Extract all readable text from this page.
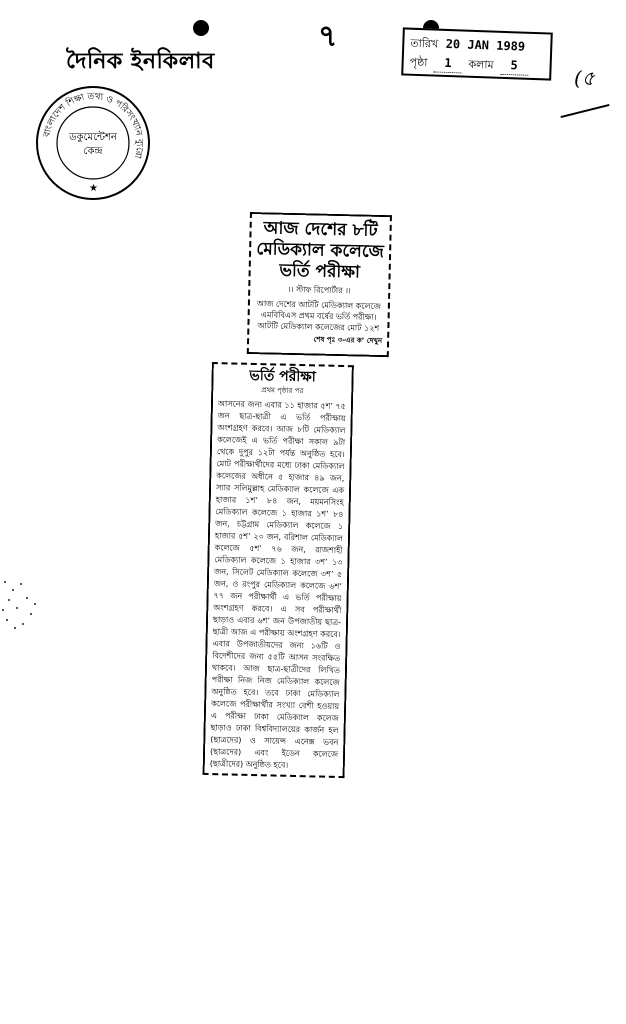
দৈনিক ইনকিলাব
৭	তারিখ 20 JAN 1989
পৃষ্ঠা 1 কলাম 5
(৫
বাংলাদেশ শিক্ষা তথ্য ও পরিসংখ্যান ব্যুরো
ডকুমেন্টেশন
কেন্দ্র
★
আজ দেশের ৮টি মেডিক্যাল কলেজে ভর্তি পরীক্ষা
।। স্টাফ রিপোর্টার ।।
আজ দেশের আটটি মেডিক্যাল কলেজে এমবিবিএস প্রথম বর্ষের ভর্তি পরীক্ষা। আটটি মেডিক্যাল কলেজের মোট ১২শ
শেষ পৃঃ ৩-এর ক’ দেখুন
ভর্তি পরীক্ষা
প্রথম পৃষ্ঠার পর

আসনের জন্য এবার ১১ হাজার ৫শ’ ৭৫ জন ছাত্র-ছাত্রী এ ভর্তি পরীক্ষায় অংশগ্রহণ করবে। আজ ৮টি মেডিক্যাল কলেজেই এ ভর্তি পরীক্ষা সকাল ৯টা থেকে দুপুর ১২টা পর্যন্ত অনুষ্ঠিত হবে। মোট পরীক্ষার্থীদের মধ্যে ঢাকা মেডিক্যাল কলেজের অধীনে ৫ হাজার ৪৯ জন, স্যার সলিমুল্লাহ মেডিক্যাল কলেজে এক হাজার ১শ’ ৮৪ জন, ময়মনসিংহ মেডিক্যাল কলেজে ১ হাজার ১শ’ ৮৪ জন, চট্টগ্রাম মেডিক্যাল কলেজে ১ হাজার ৫শ’ ২০ জন, বরিশাল মেডিক্যাল কলেজে ৫শ’ ৭৬ জন, রাজশাহী মেডিক্যাল কলেজে ১ হাজার ৩শ’ ১৩ জন, সিলেট মেডিক্যাল কলেজে ৩শ’ ৫ জন, ও রংপুর মেডিক্যাল কলেজে ৬শ’ ৭৭ জন পরীক্ষার্থী এ ভর্তি পরীক্ষায় অংশগ্রহণ করবে। এ সব পরীক্ষার্থী ছাড়াও এবার ৬শ’ জন উপজাতীয় ছাত্র-ছাত্রী আজ এ পরীক্ষায় অংশগ্রহণ করবে। এবার উপজাতীয়দের জন্য ১৬টি ও বিদেশীদের জন্য ৫৫টি আসন সংরক্ষিত থাকবে। আজ ছাত্র-ছাত্রীদের লিখিত পরীক্ষা নিজ নিজ মেডিক্যাল কলেজে অনুষ্ঠিত হবে। তবে ঢাকা মেডিক্যাল কলেজে পরীক্ষার্থীর সংখ্যা বেশী হওয়ায় এ পরীক্ষা ঢাকা মেডিক্যাল কলেজ ছাড়াও ঢাকা বিশ্ববিদ্যালয়ের কার্জন হল (ছাত্রদের) ও সায়েন্স এনেক্স ভবন (ছাত্রদের) এবং ইডেন কলেজে (ছাত্রীদের) অনুষ্ঠিত হবে।
